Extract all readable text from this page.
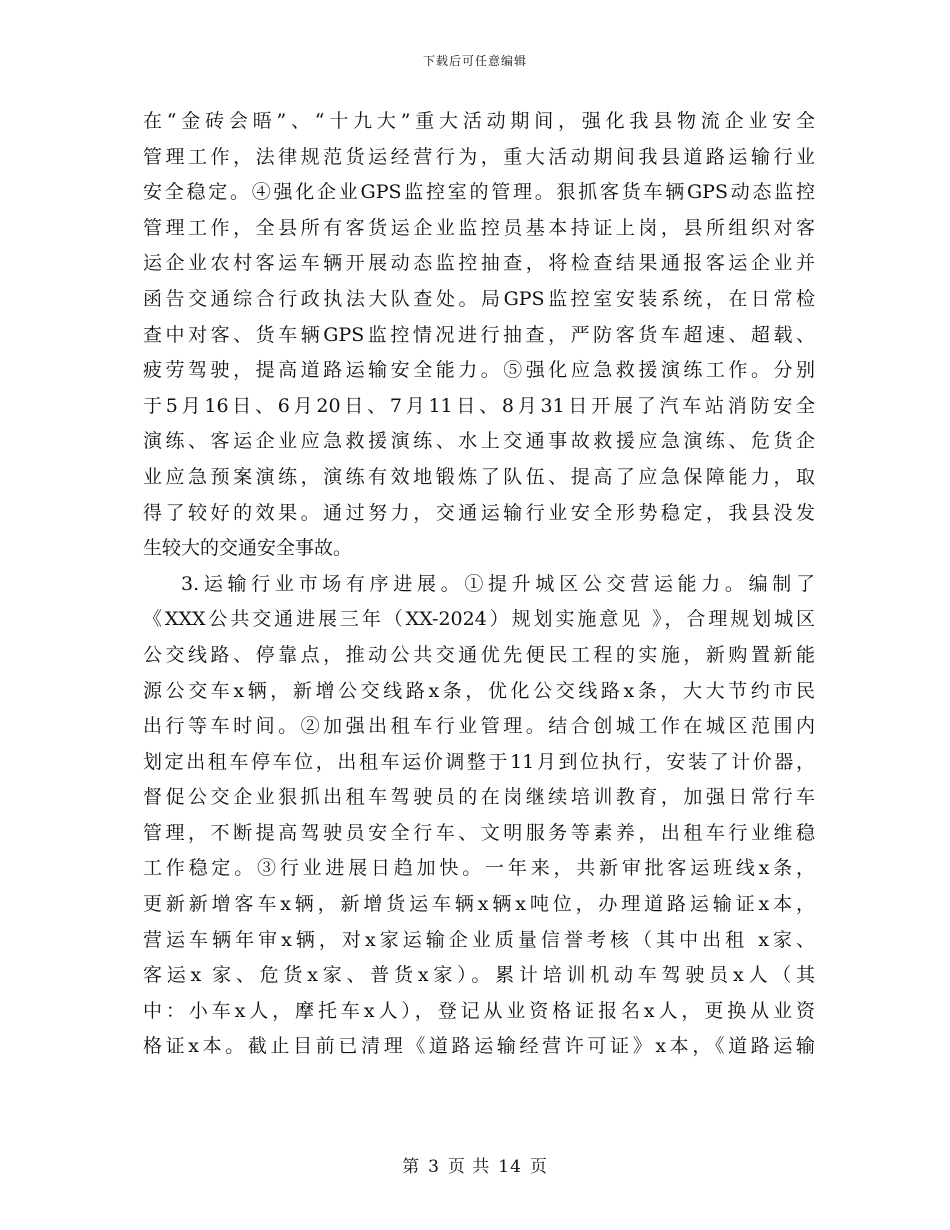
下载后可任意编辑
在“金砖会晤”、“十九大”重大活动期间，强化我县物流企业安全
管理工作，法律规范货运经营行为，重大活动期间我县道路运输行业
安全稳定。④强化企业GPS监控室的管理。狠抓客货车辆GPS动态监控
管理工作，全县所有客货运企业监控员基本持证上岗，县所组织对客
运企业农村客运车辆开展动态监控抽查，将检查结果通报客运企业并
函告交通综合行政执法大队查处。局GPS监控室安装系统，在日常检
查中对客、货车辆GPS监控情况进行抽查，严防客货车超速、超载、
疲劳驾驶，提高道路运输安全能力。⑤强化应急救援演练工作。分别
于5月16日、6月20日、7月11日、8月31日开展了汽车站消防安全
演练、客运企业应急救援演练、水上交通事故救援应急演练、危货企
业应急预案演练，演练有效地锻炼了队伍、提高了应急保障能力，取
得了较好的效果。通过努力，交通运输行业安全形势稳定，我县没发
生较大的交通安全事故。
3.运输行业市场有序进展。①提升城区公交营运能力。编制了
《XXX公共交通进展三年（XX-2024）规划实施意见 》，合理规划城区
公交线路、停靠点，推动公共交通优先便民工程的实施，新购置新能
源公交车x辆，新增公交线路x条，优化公交线路x条，大大节约市民
出行等车时间。②加强出租车行业管理。结合创城工作在城区范围内
划定出租车停车位，出租车运价调整于11月到位执行，安装了计价器，
督促公交企业狠抓出租车驾驶员的在岗继续培训教育，加强日常行车
管理，不断提高驾驶员安全行车、文明服务等素养，出租车行业维稳
工作稳定。③行业进展日趋加快。一年来，共新审批客运班线x条，
更新新增客车x辆，新增货运车辆x辆x吨位，办理道路运输证x本，
营运车辆年审x辆，对x家运输企业质量信誉考核（其中出租 x家、
客运x 家、危货x家、普货x家）。累计培训机动车驾驶员x人（其
中：小车x人，摩托车x人），登记从业资格证报名x人，更换从业资
格证x本。截止目前已清理《道路运输经营许可证》x本，《道路运输
第 3 页 共 14 页
